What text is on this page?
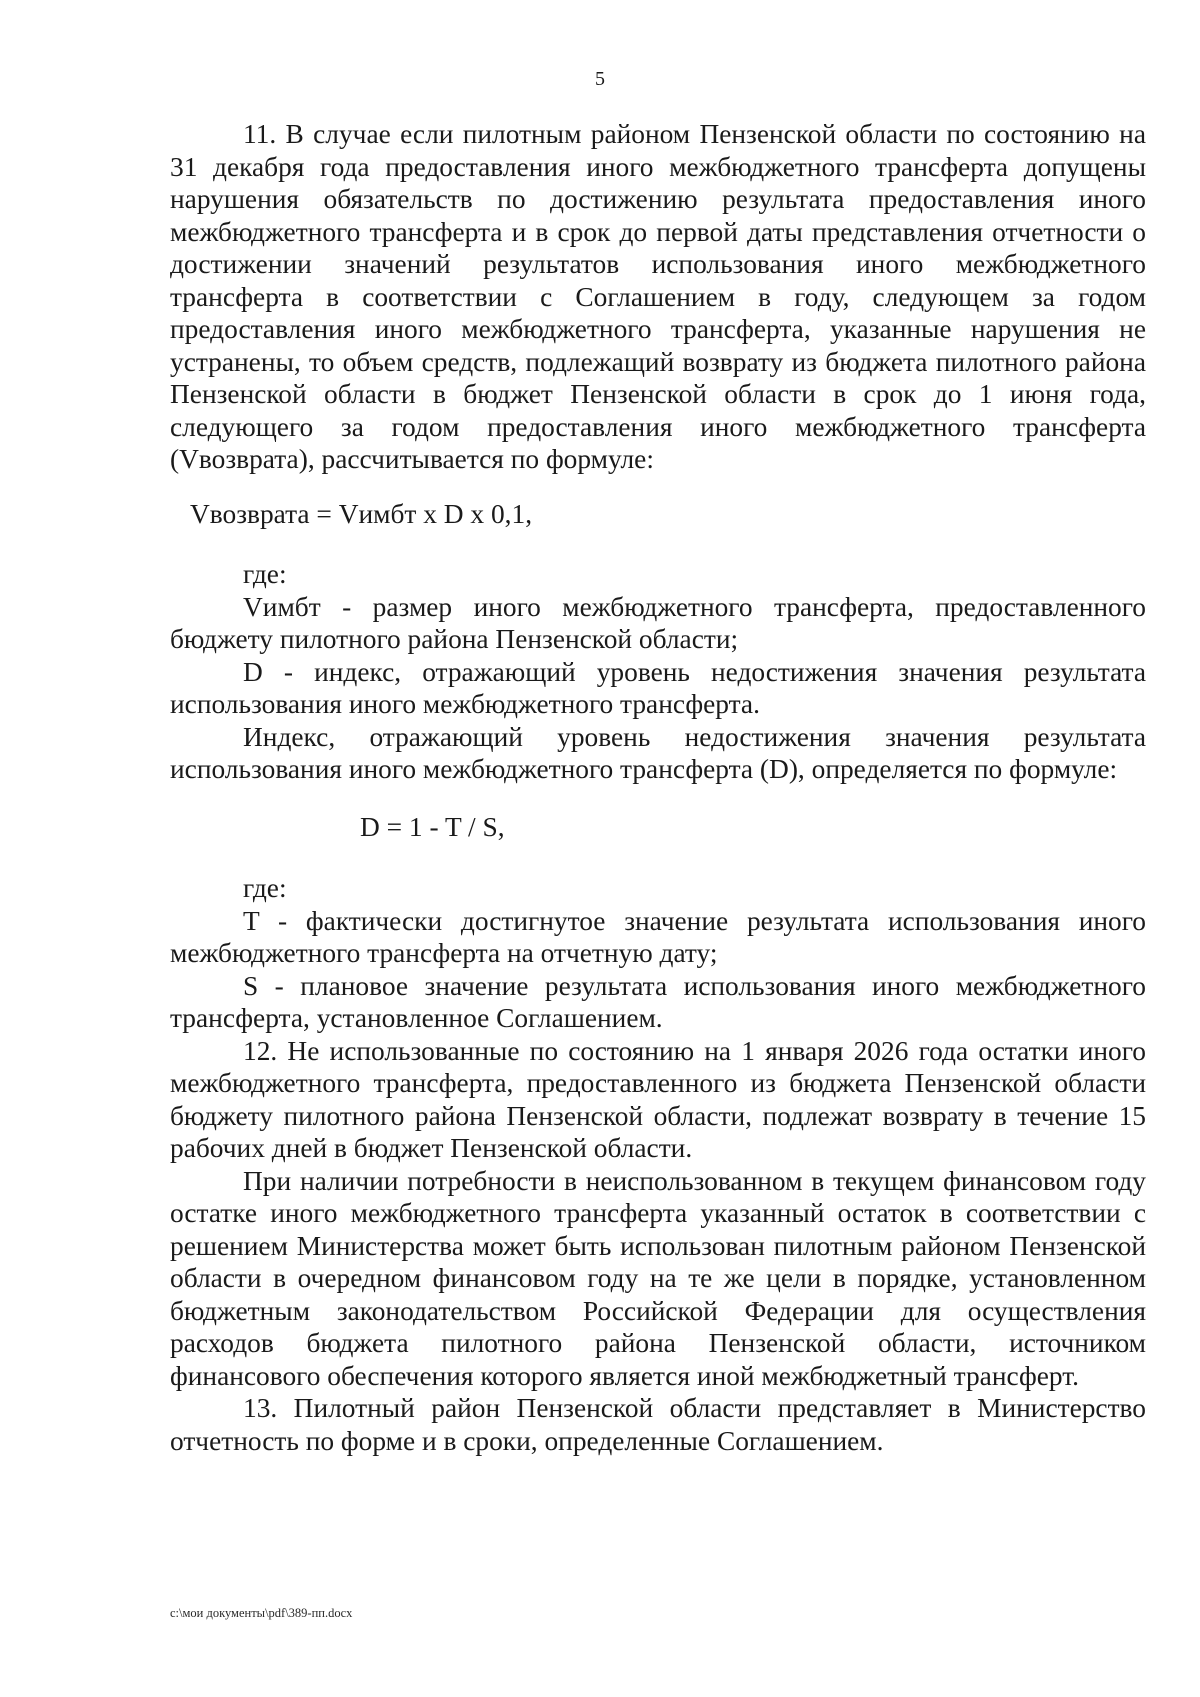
5

11. В случае если пилотным районом Пензенской области по состоянию на 31 декабря года предоставления иного межбюджетного трансферта допущены нарушения обязательств по достижению результата предоставления иного межбюджетного трансферта и в срок до первой даты представления отчетности о достижении значений результатов использования иного межбюджетного трансферта в соответствии с Соглашением в году, следующем за годом предоставления иного межбюджетного трансферта, указанные нарушения не устранены, то объем средств, подлежащий возврату из бюджета пилотного района Пензенской области в бюджет Пензенской области в срок до 1 июня года, следующего за годом предоставления иного межбюджетного трансферта (Vвозврата), рассчитывается по формуле:

Vвозврата = Vимбт x D x 0,1,

где:

Vимбт - размер иного межбюджетного трансферта, предоставленного бюджету пилотного района Пензенской области;

D - индекс, отражающий уровень недостижения значения результата использования иного межбюджетного трансферта.

Индекс, отражающий уровень недостижения значения результата использования иного межбюджетного трансферта (D), определяется по формуле:

D = 1 - T / S,

где:

T - фактически достигнутое значение результата использования иного межбюджетного трансферта на отчетную дату;

S - плановое значение результата использования иного межбюджетного трансферта, установленное Соглашением.

12. Не использованные по состоянию на 1 января 2026 года остатки иного межбюджетного трансферта, предоставленного из бюджета Пензенской области бюджету пилотного района Пензенской области, подлежат возврату в течение 15 рабочих дней в бюджет Пензенской области.

При наличии потребности в неиспользованном в текущем финансовом году остатке иного межбюджетного трансферта указанный остаток в соответствии с решением Министерства может быть использован пилотным районом Пензенской области в очередном финансовом году на те же цели в порядке, установленном бюджетным законодательством Российской Федерации для осуществления расходов бюджета пилотного района Пензенской области, источником финансового обеспечения которого является иной межбюджетный трансферт.

13. Пилотный район Пензенской области представляет в Министерство отчетность по форме и в сроки, определенные Соглашением.

c:\мои документы\pdf\389-пп.docx
